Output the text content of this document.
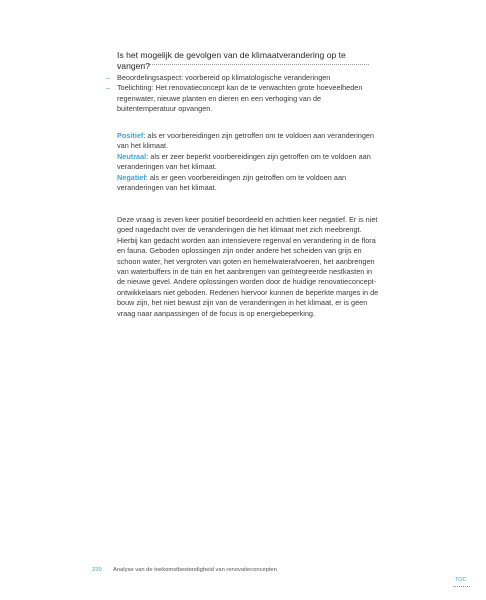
Is het mogelijk de gevolgen van de klimaatverandering op te vangen?
– Beoordelingsaspect: voorbereid op klimatologische veranderingen
– Toelichting: Het renovatieconcept kan de te verwachten grote hoeveelheden regenwater, nieuwe planten en dieren en een verhoging van de buitentemperatuur opvangen.

Positief: als er voorbereidingen zijn getroffen om te voldoen aan veranderingen van het klimaat.

Neutraal: als er zeer beperkt voorbereidingen zijn getroffen om te voldoen aan veranderingen van het klimaat.

Negatief: als er geen voorbereidingen zijn getroffen om te voldoen aan veranderingen van het klimaat.

Deze vraag is zeven keer positief beoordeeld en achttien keer negatief. Er is niet goed nagedacht over de veranderingen die het klimaat met zich meebrengt. Hierbij kan gedacht worden aan intensievere regenval en verandering in de flora en fauna. Geboden oplossingen zijn onder andere het scheiden van grijs en schoon water, het vergroten van goten en hemelwaterafvoeren, het aanbrengen van waterbuffers in de tuin en het aanbrengen van geïntegreerde nestkasten in de nieuwe gevel. Andere oplossingen worden door de huidige renovatieconcept-ontwikkelaars niet geboden. Redenen hiervoor kunnen de beperkte marges in de bouw zijn, het niet bewust zijn van de veranderingen in het klimaat, er is geen vraag naar aanpassingen of de focus is op energiebeperking.

239 Analyse van de toekomstbestendigheid van renovatieconcepten
TOC
